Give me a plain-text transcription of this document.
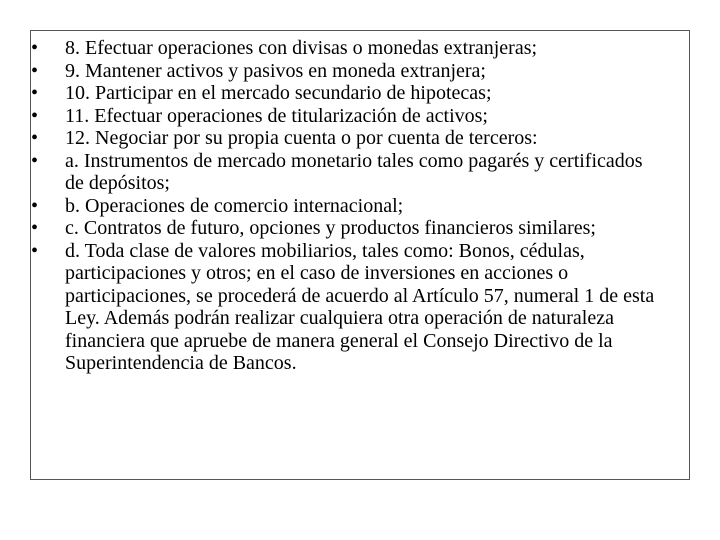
• 8. Efectuar operaciones con divisas o monedas extranjeras;
• 9. Mantener activos y pasivos en moneda extranjera;
• 10. Participar en el mercado secundario de hipotecas;
• 11. Efectuar operaciones de titularización de activos;
• 12. Negociar por su propia cuenta o por cuenta de terceros:
• a. Instrumentos de mercado monetario tales como pagarés y certificados de depósitos;
• b. Operaciones de comercio internacional;
• c. Contratos de futuro, opciones y productos financieros similares;
• d. Toda clase de valores mobiliarios, tales como: Bonos, cédulas, participaciones y otros; en el caso de inversiones en acciones o participaciones, se procederá de acuerdo al Artículo 57, numeral 1 de esta Ley. Además podrán realizar cualquiera otra operación de naturaleza financiera que apruebe de manera general el Consejo Directivo de la Superintendencia de Bancos.
